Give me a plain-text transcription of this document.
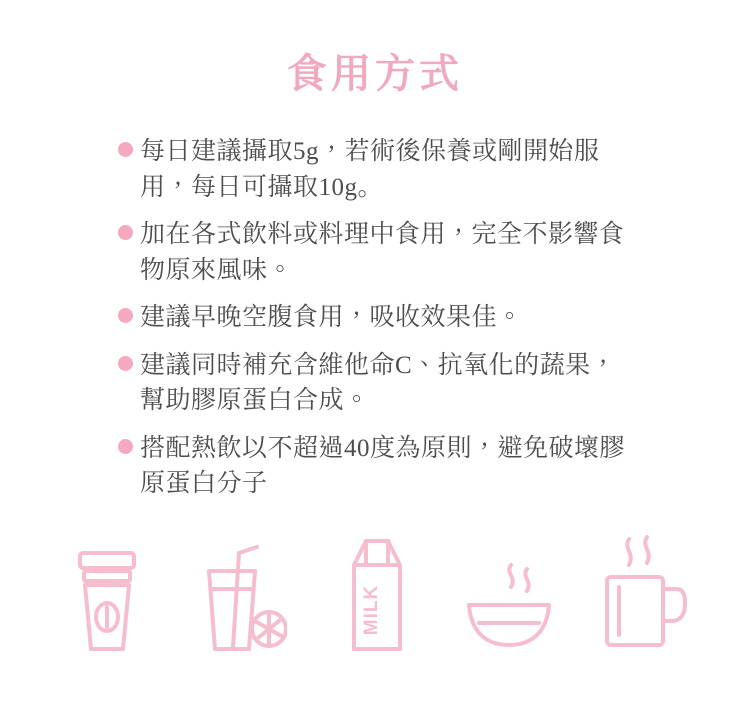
食用方式
每日建議攝取5g，若術後保養或剛開始服用，每日可攝取10g。
加在各式飲料或料理中食用，完全不影響食物原來風味。
建議早晚空腹食用，吸收效果佳。
建議同時補充含維他命C、抗氧化的蔬果，幫助膠原蛋白合成。
搭配熱飲以不超過40度為原則，避免破壞膠原蛋白分子
MILK
